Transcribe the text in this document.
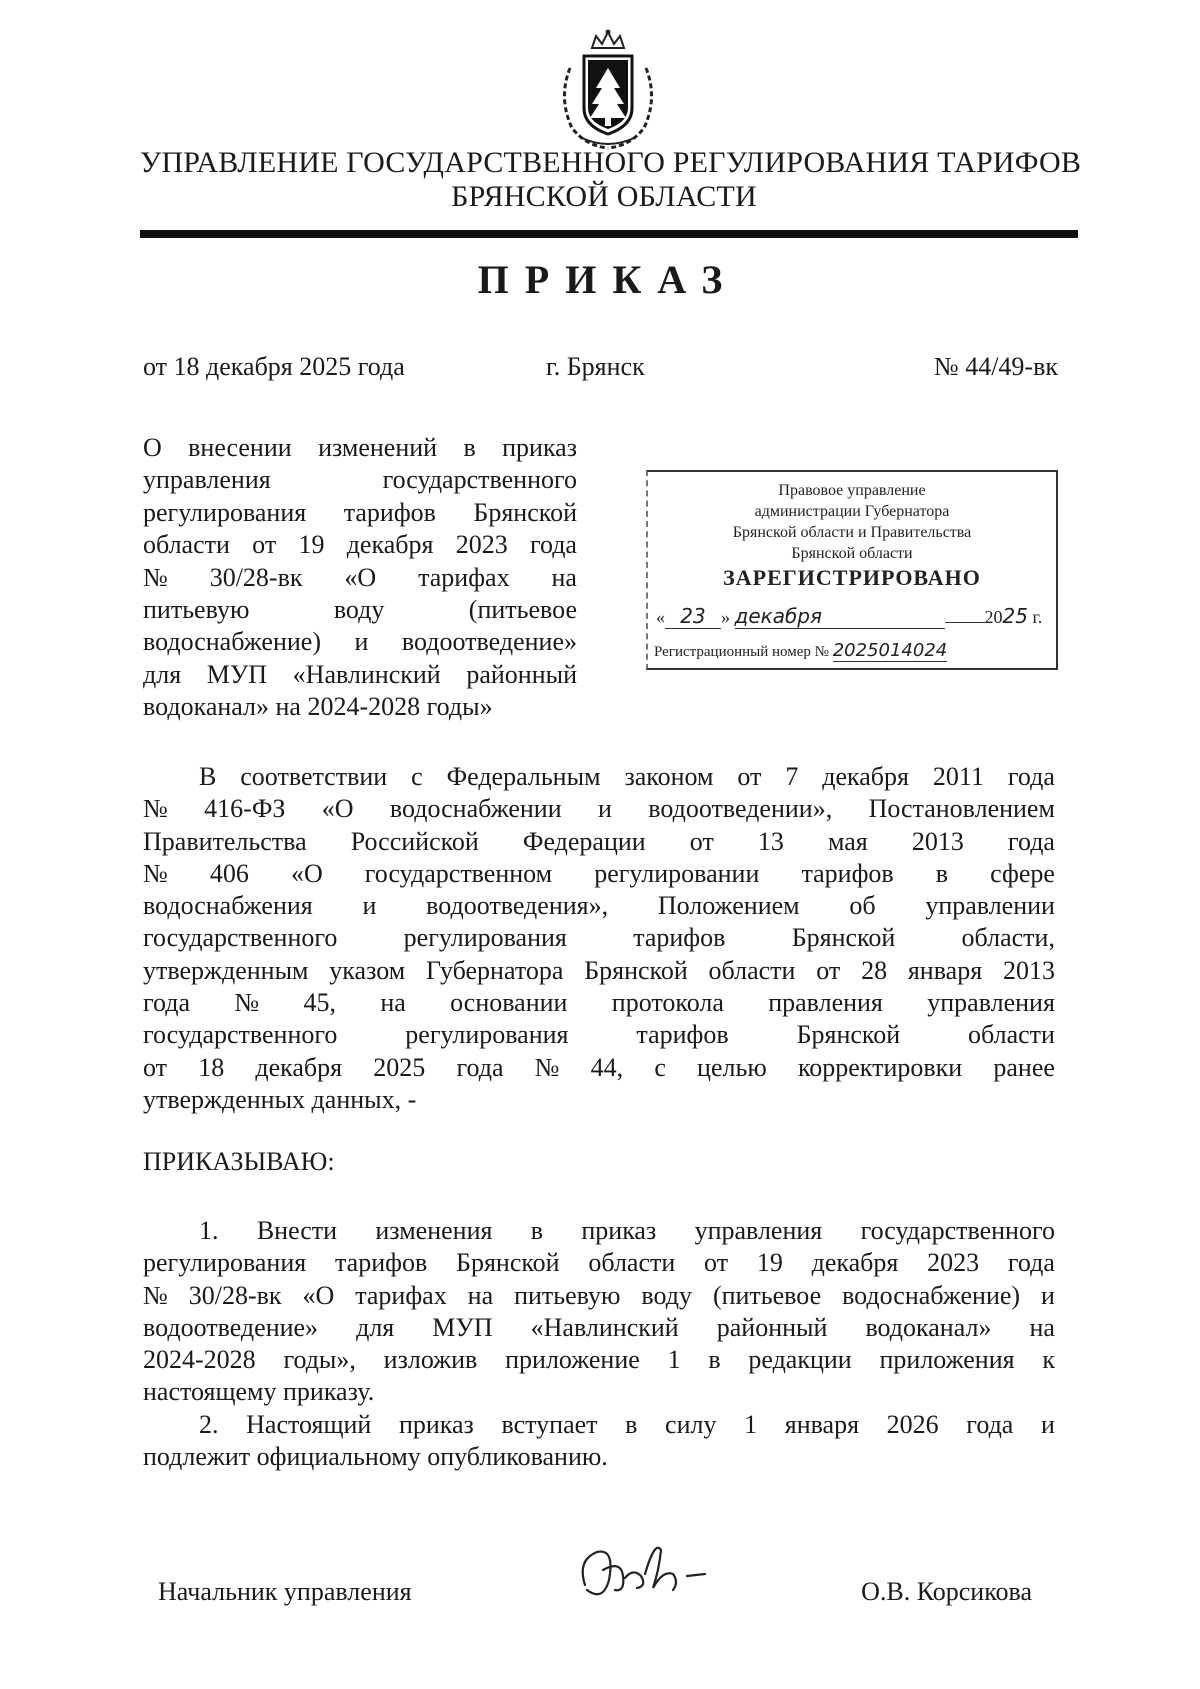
УПРАВЛЕНИЕ ГОСУДАРСТВЕННОГО РЕГУЛИРОВАНИЯ ТАРИФОВ
БРЯНСКОЙ ОБЛАСТИ
ПРИКАЗ
от 18 декабря 2025 года	г. Брянск	№ 44/49-вк
О внесении изменений в приказ
управления	государственного
регулирования тарифов Брянской
области от 19 декабря 2023 года
№ 30/28-вк «О тарифах на
питьевую	воду	(питьевое
водоснабжение) и водоотведение»
для МУП «Навлинский районный
водоканал» на 2024-2028 годы»
Правовое управление
администрации Губернатора
Брянской области и Правительства
Брянской области
ЗАРЕГИСТРИРОВАНО
« 23 » декабря	2025 г.
Регистрационный номер № 2025014024
В соответствии с Федеральным законом от 7 декабря 2011 года
№ 416-ФЗ «О водоснабжении и водоотведении», Постановлением
Правительства Российской Федерации от 13 мая 2013 года
№ 406 «О государственном регулировании тарифов в сфере
водоснабжения и водоотведения», Положением об управлении
государственного	регулирования	тарифов	Брянской	области,
утвержденным указом Губернатора Брянской области от 28 января 2013
года № 45, на основании протокола правления управления
государственного	регулирования	тарифов	Брянской	области
от 18 декабря 2025 года № 44, с целью корректировки ранее
утвержденных данных, -
ПРИКАЗЫВАЮ:
1. Внести изменения в приказ управления государственного
регулирования тарифов Брянской области от 19 декабря 2023 года
№ 30/28-вк «О тарифах на питьевую воду (питьевое водоснабжение) и
водоотведение» для МУП «Навлинский районный водоканал» на
2024-2028 годы», изложив приложение 1 в редакции приложения к
настоящему приказу.
2. Настоящий приказ вступает в силу 1 января 2026 года и
подлежит официальному опубликованию.
Начальник управления	О.В. Корсикова
